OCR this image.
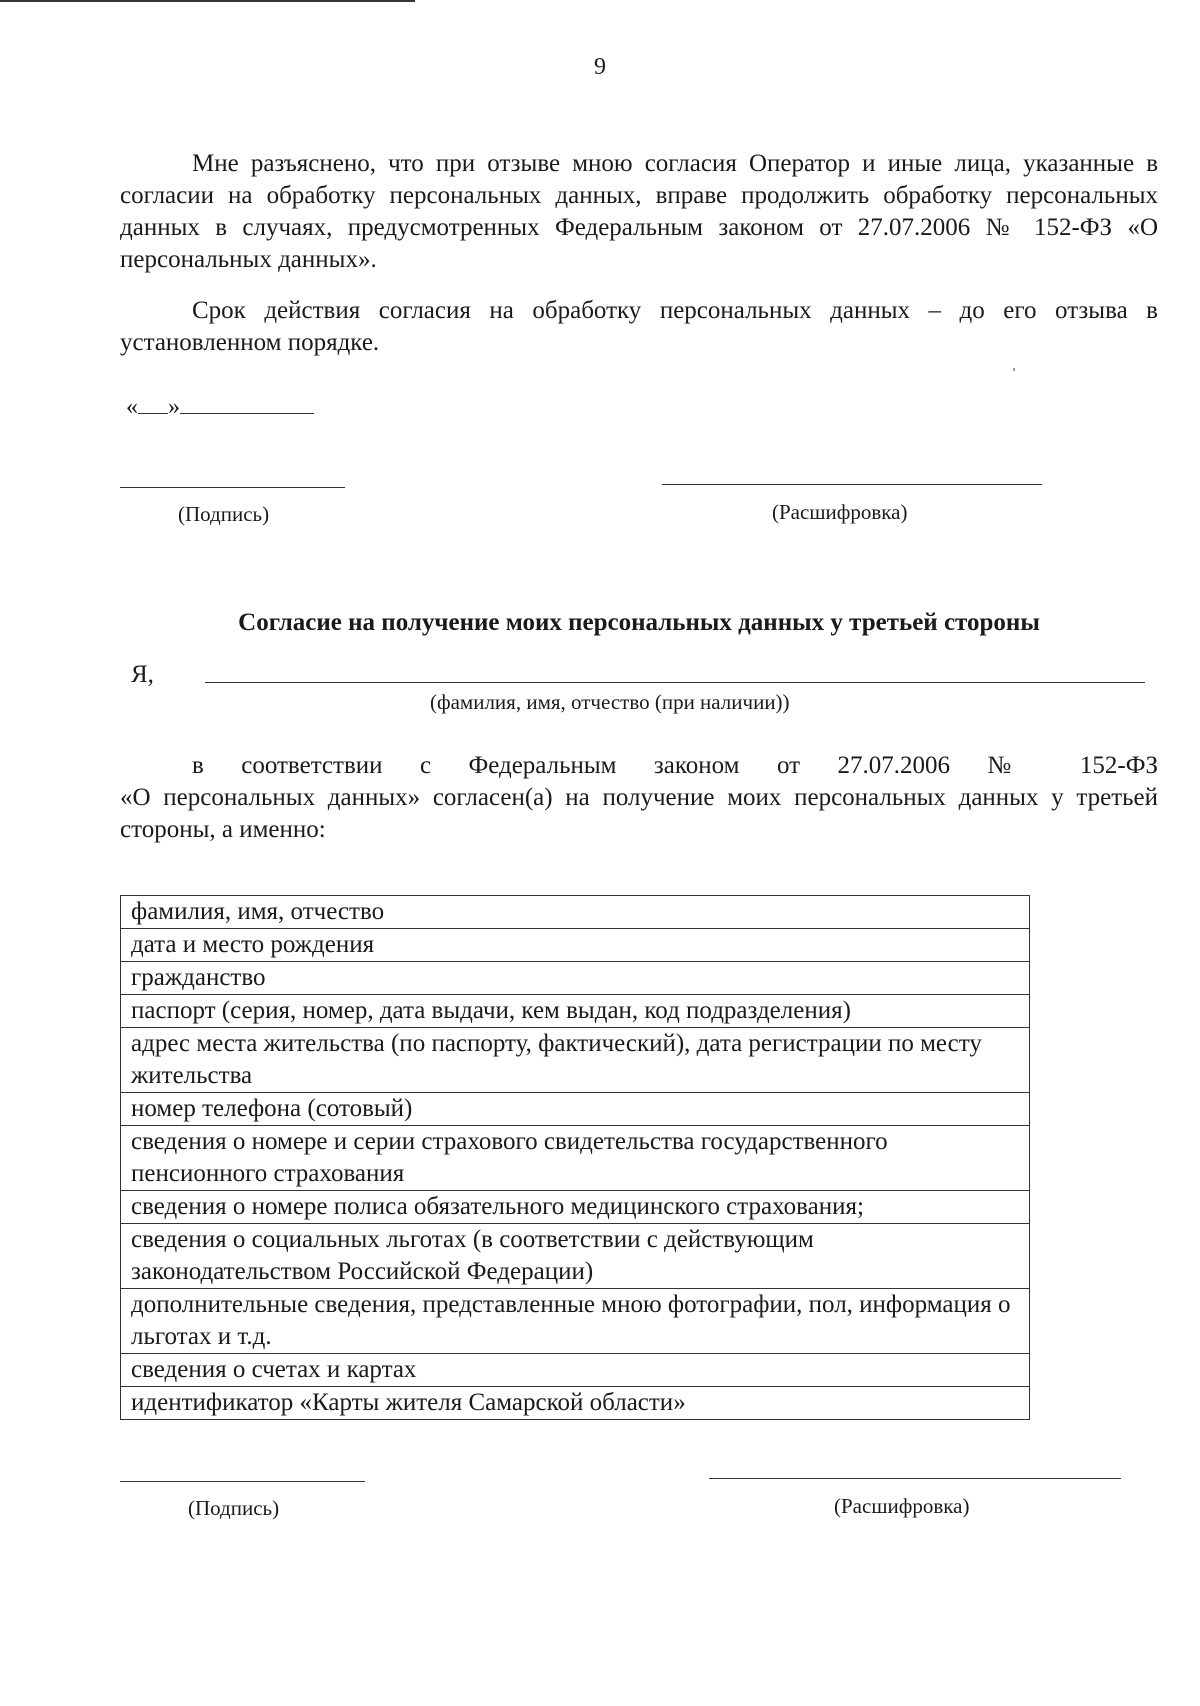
9
Мне разъяснено, что при отзыве мною согласия Оператор и иные лица, указанные в согласии на обработку персональных данных, вправе продолжить обработку персональных данных в случаях, предусмотренных Федеральным законом от 27.07.2006 № 152-ФЗ «О персональных данных».
Срок действия согласия на обработку персональных данных – до его отзыва в установленном порядке.
« »
(Подпись)	(Расшифровка)
Согласие на получение моих персональных данных у третьей стороны
Я,
(фамилия, имя, отчество (при наличии))
в соответствии с Федеральным законом от 27.07.2006 № 152-ФЗ
«О персональных данных» согласен(а) на получение моих персональных данных у третьей стороны, а именно:
фамилия, имя, отчество
дата и место рождения
гражданство
паспорт (серия, номер, дата выдачи, кем выдан, код подразделения)
адрес места жительства (по паспорту, фактический), дата регистрации по месту жительства
номер телефона (сотовый)
сведения о номере и серии страхового свидетельства государственного пенсионного страхования
сведения о номере полиса обязательного медицинского страхования;
сведения о социальных льготах (в соответствии с действующим законодательством Российской Федерации)
дополнительные сведения, представленные мною фотографии, пол, информация о льготах и т.д.
сведения о счетах и картах
идентификатор «Карты жителя Самарской области»
(Подпись)	(Расшифровка)
